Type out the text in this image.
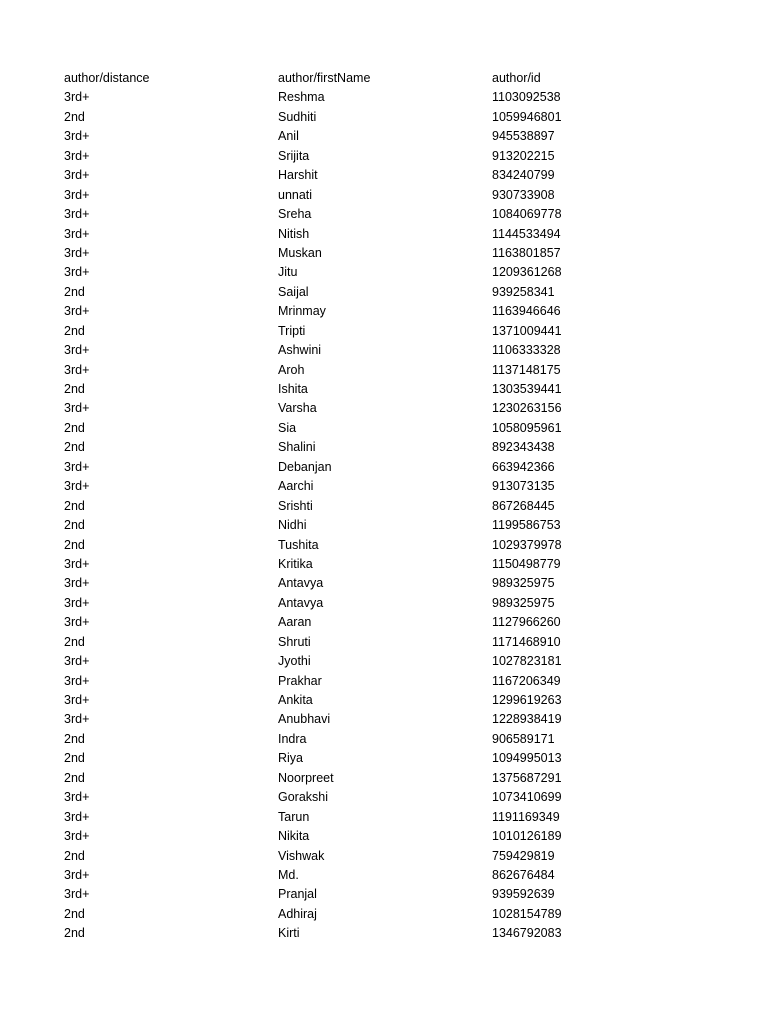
author/distance	author/firstName	author/id
3rd+	Reshma	1103092538
2nd	Sudhiti	1059946801
3rd+	Anil	945538897
3rd+	Srijita	913202215
3rd+	Harshit	834240799
3rd+	unnati	930733908
3rd+	Sreha	1084069778
3rd+	Nitish	1144533494
3rd+	Muskan	1163801857
3rd+	Jitu	1209361268
2nd	Saijal	939258341
3rd+	Mrinmay	1163946646
2nd	Tripti	1371009441
3rd+	Ashwini	1106333328
3rd+	Aroh	1137148175
2nd	Ishita	1303539441
3rd+	Varsha	1230263156
2nd	Sia	1058095961
2nd	Shalini	892343438
3rd+	Debanjan	663942366
3rd+	Aarchi	913073135
2nd	Srishti	867268445
2nd	Nidhi	1199586753
2nd	Tushita	1029379978
3rd+	Kritika	1150498779
3rd+	Antavya	989325975
3rd+	Antavya	989325975
3rd+	Aaran	1127966260
2nd	Shruti	1171468910
3rd+	Jyothi	1027823181
3rd+	Prakhar	1167206349
3rd+	Ankita	1299619263
3rd+	Anubhavi	1228938419
2nd	Indra	906589171
2nd	Riya	1094995013
2nd	Noorpreet	1375687291
3rd+	Gorakshi	1073410699
3rd+	Tarun	1191169349
3rd+	Nikita	1010126189
2nd	Vishwak	759429819
3rd+	Md.	862676484
3rd+	Pranjal	939592639
2nd	Adhiraj	1028154789
2nd	Kirti	1346792083
